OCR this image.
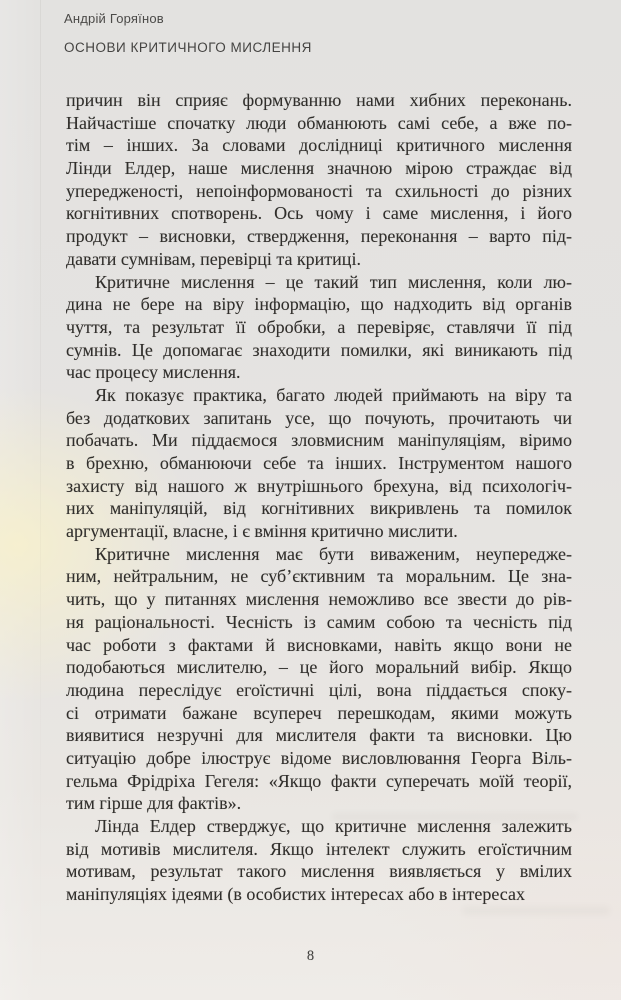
Андрій Горяїнов
ОСНОВИ КРИТИЧНОГО МИСЛЕННЯ
причин він сприяє формуванню нами хибних переконань.
Найчастіше спочатку люди обманюють самі себе, а вже по-
тім – інших. За словами дослідниці критичного мислення
Лінди Елдер, наше мислення значною мірою страждає від
упередженості, непоінформованості та схильності до різних
когнітивних спотворень. Ось чому і саме мислення, і його
продукт – висновки, ствердження, переконання – варто під-
давати сумнівам, перевірці та критиці.
Критичне мислення – це такий тип мислення, коли лю-
дина не бере на віру інформацію, що надходить від органів
чуття, та результат її обробки, а перевіряє, ставлячи її під
сумнів. Це допомагає знаходити помилки, які виникають під
час процесу мислення.
Як показує практика, багато людей приймають на віру та
без додаткових запитань усе, що почують, прочитають чи
побачать. Ми піддаємося зловмисним маніпуляціям, віримо
в брехню, обманюючи себе та інших. Інструментом нашого
захисту від нашого ж внутрішнього брехуна, від психологіч-
них маніпуляцій, від когнітивних викривлень та помилок
аргументації, власне, і є вміння критично мислити.
Критичне мислення має бути виваженим, неупередже-
ним, нейтральним, не суб’єктивним та моральним. Це зна-
чить, що у питаннях мислення неможливо все звести до рів-
ня раціональності. Чесність із самим собою та чесність під
час роботи з фактами й висновками, навіть якщо вони не
подобаються мислителю, – це його моральний вибір. Якщо
людина переслідує егоїстичні цілі, вона піддається споку-
сі отримати бажане всупереч перешкодам, якими можуть
виявитися незручні для мислителя факти та висновки. Цю
ситуацію добре ілюструє відоме висловлювання Георга Віль-
гельма Фрідріха Гегеля: «Якщо факти суперечать моїй теорії,
тим гірше для фактів».
Лінда Елдер стверджує, що критичне мислення залежить
від мотивів мислителя. Якщо інтелект служить егоїстичним
мотивам, результат такого мислення виявляється у вмілих
маніпуляціях ідеями (в особистих інтересах або в інтересах
8
